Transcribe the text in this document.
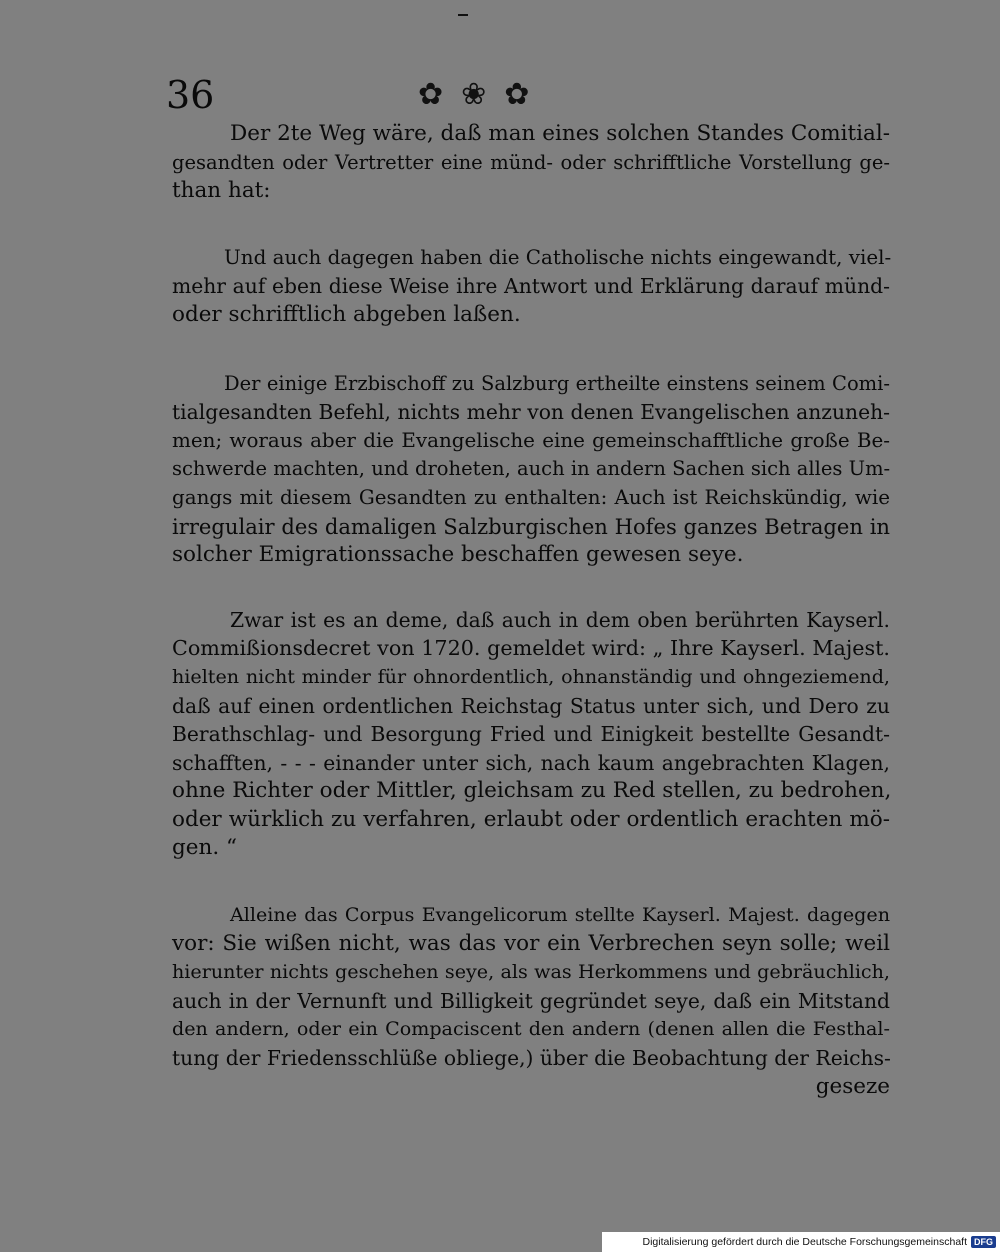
36	✿ ❀ ✿
Der 2te Weg wäre, daß man eines solchen Standes Comitial-
gesandten oder Vertretter eine münd- oder schrifftliche Vorstellung ge-
than hat:
Und auch dagegen haben die Catholische nichts eingewandt, viel-
mehr auf eben diese Weise ihre Antwort und Erklärung darauf münd-
oder schrifftlich abgeben laßen.
Der einige Erzbischoff zu Salzburg ertheilte einstens seinem Comi-
tialgesandten Befehl, nichts mehr von denen Evangelischen anzuneh-
men; woraus aber die Evangelische eine gemeinschafftliche große Be-
schwerde machten, und droheten, auch in andern Sachen sich alles Um-
gangs mit diesem Gesandten zu enthalten: Auch ist Reichskündig, wie
irregulair des damaligen Salzburgischen Hofes ganzes Betragen in
solcher Emigrationssache beschaffen gewesen seye.
Zwar ist es an deme, daß auch in dem oben berührten Kayserl.
Commißionsdecret von 1720. gemeldet wird: „ Ihre Kayserl. Majest.
hielten nicht minder für ohnordentlich, ohnanständig und ohngeziemend,
daß auf einen ordentlichen Reichstag Status unter sich, und Dero zu
Berathschlag- und Besorgung Fried und Einigkeit bestellte Gesandt-
schafften, - - - einander unter sich, nach kaum angebrachten Klagen,
ohne Richter oder Mittler, gleichsam zu Red stellen, zu bedrohen,
oder würklich zu verfahren, erlaubt oder ordentlich erachten mö-
gen. “
Alleine das Corpus Evangelicorum stellte Kayserl. Majest. dagegen
vor: Sie wißen nicht, was das vor ein Verbrechen seyn solle; weil
hierunter nichts geschehen seye, als was Herkommens und gebräuchlich,
auch in der Vernunft und Billigkeit gegründet seye, daß ein Mitstand
den andern, oder ein Compaciscent den andern (denen allen die Festhal-
tung der Friedensschlüße obliege,) über die Beobachtung der Reichs-
geseze
Digitalisierung gefördert durch die Deutsche Forschungsgemeinschaft DFG
